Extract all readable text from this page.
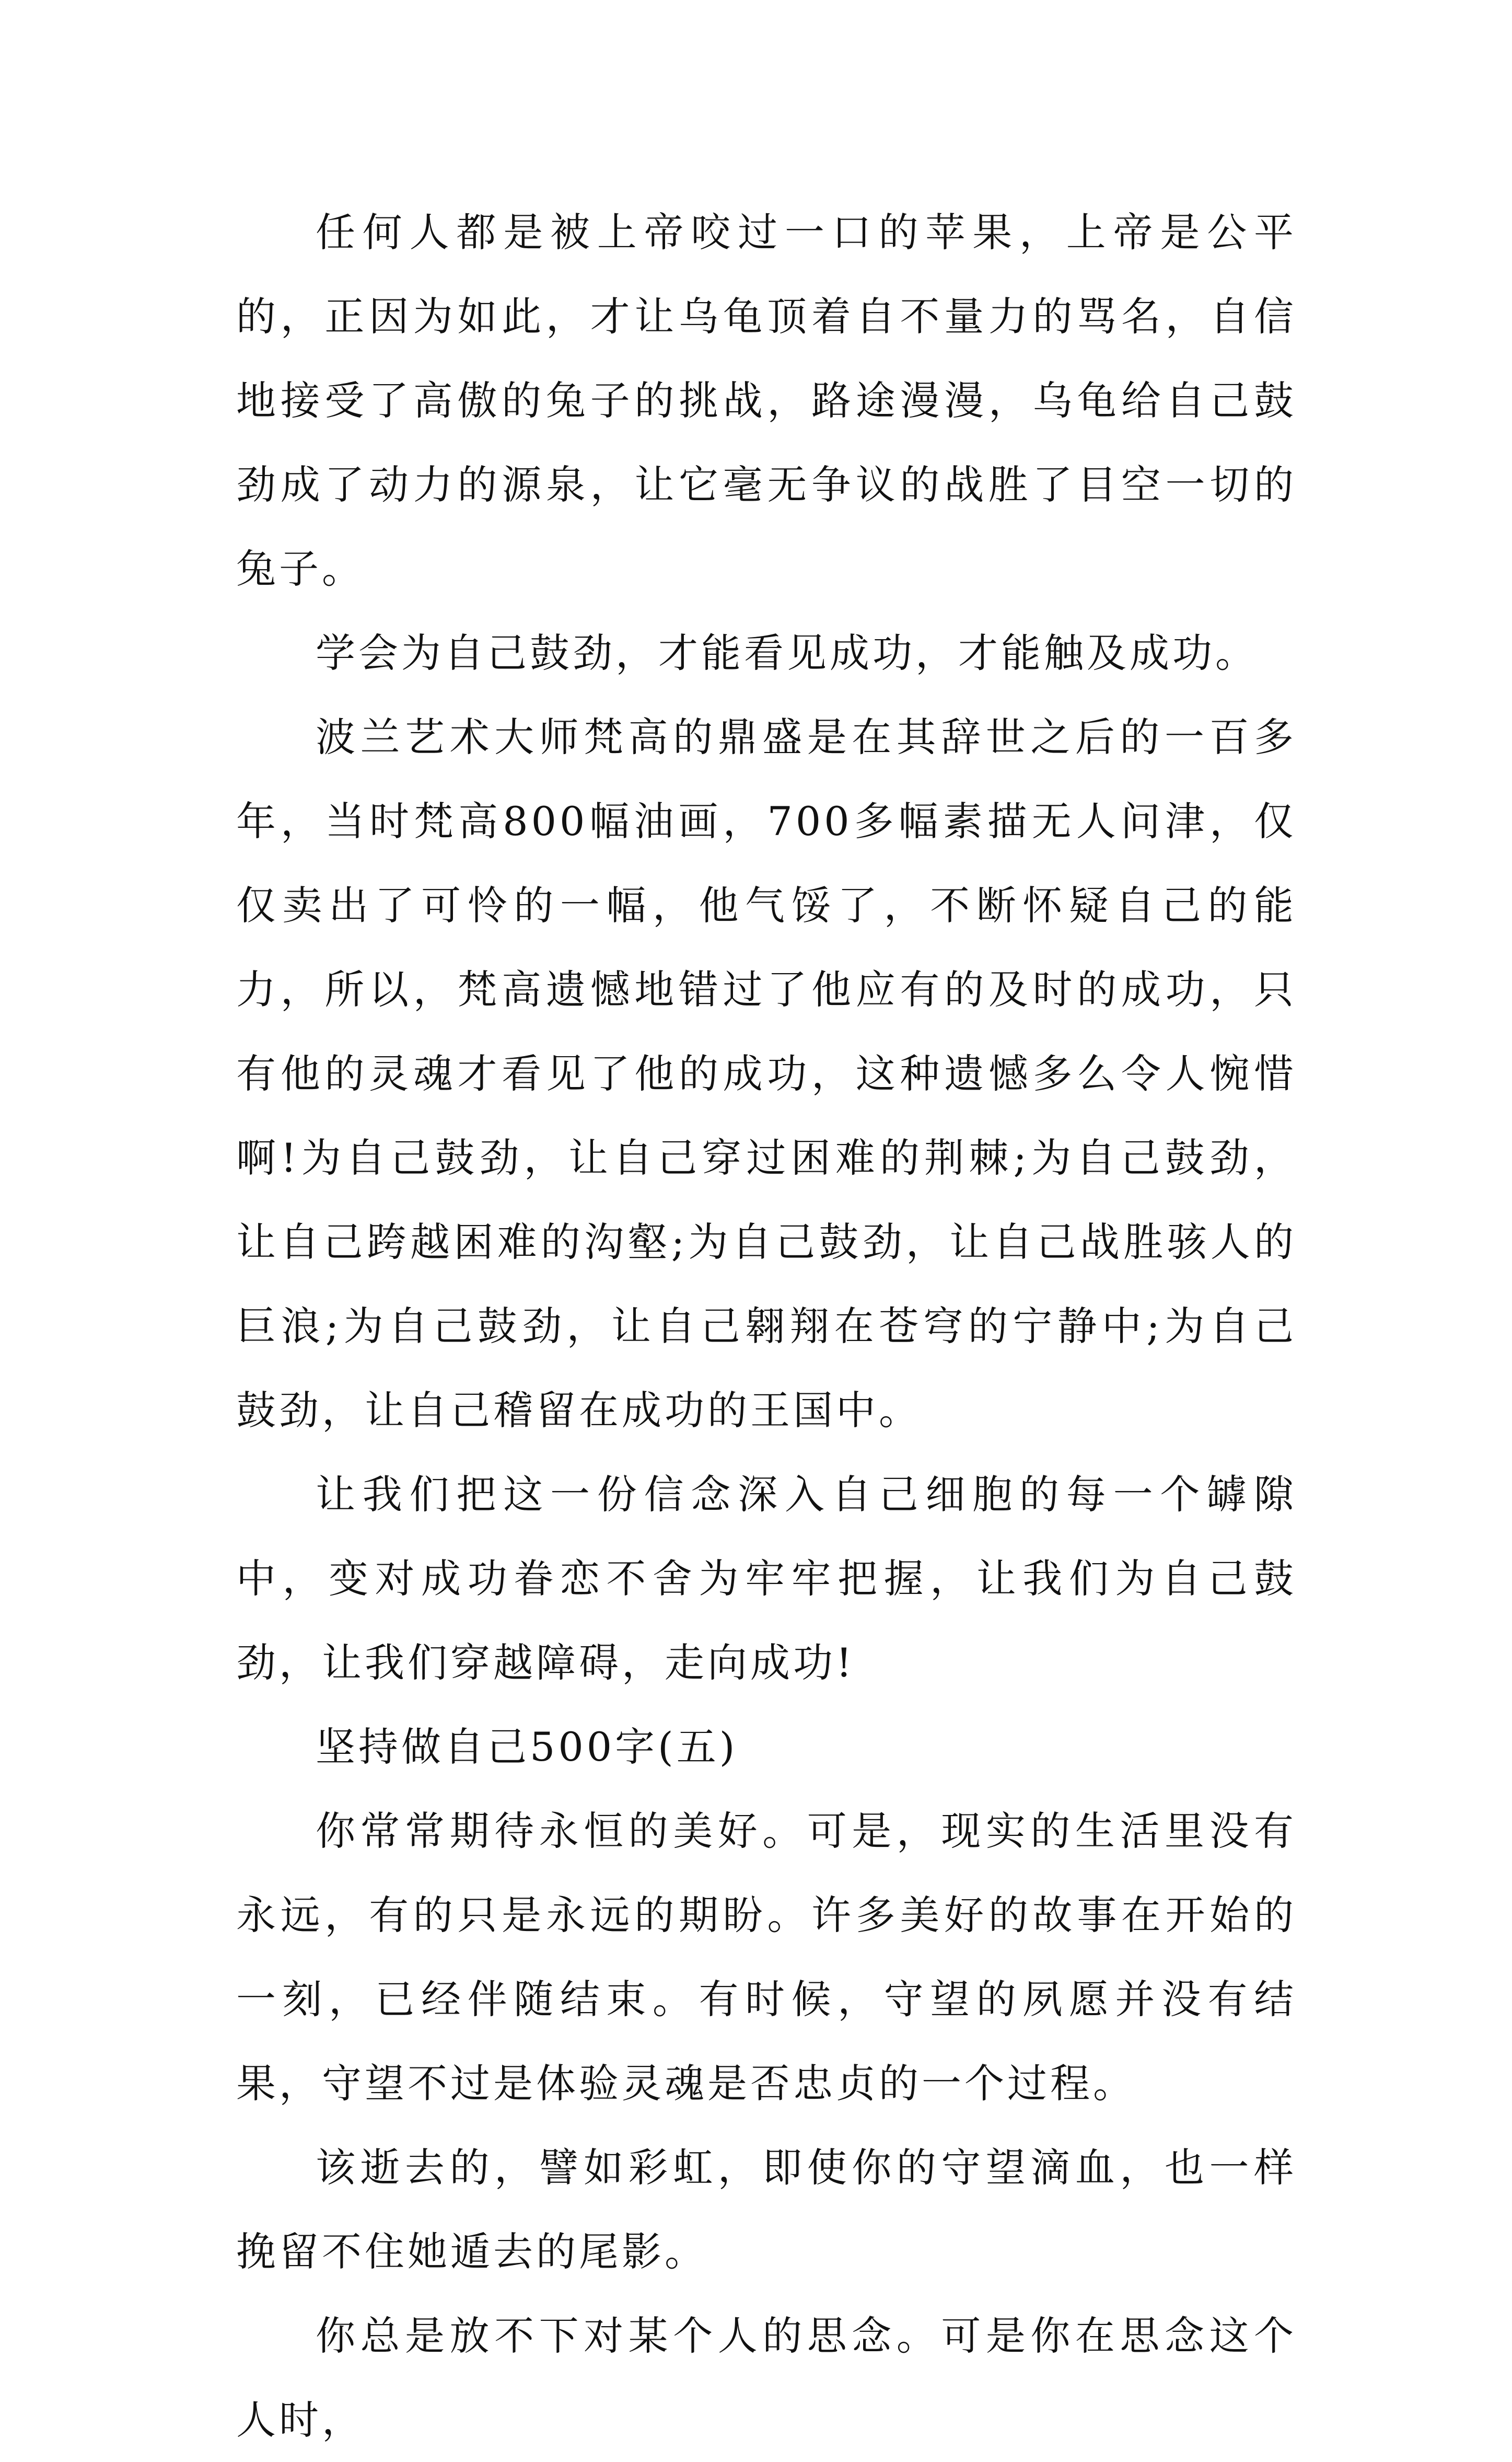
任何人都是被上帝咬过一口的苹果，上帝是公平的，正因为如此，才让乌龟顶着自不量力的骂名，自信地接受了高傲的兔子的挑战，路途漫漫，乌龟给自己鼓劲成了动力的源泉，让它毫无争议的战胜了目空一切的兔子。

学会为自己鼓劲，才能看见成功，才能触及成功。

波兰艺术大师梵高的鼎盛是在其辞世之后的一百多年，当时梵高800幅油画，700多幅素描无人问津，仅仅卖出了可怜的一幅，他气馁了，不断怀疑自己的能力，所以，梵高遗憾地错过了他应有的及时的成功，只有他的灵魂才看见了他的成功，这种遗憾多么令人惋惜啊!为自己鼓劲，让自己穿过困难的荆棘;为自己鼓劲，让自己跨越困难的沟壑;为自己鼓劲，让自己战胜骇人的巨浪;为自己鼓劲，让自己翱翔在苍穹的宁静中;为自己鼓劲，让自己稽留在成功的王国中。

让我们把这一份信念深入自己细胞的每一个罅隙中，变对成功眷恋不舍为牢牢把握，让我们为自己鼓劲，让我们穿越障碍，走向成功!

坚持做自己500字(五)

你常常期待永恒的美好。可是，现实的生活里没有永远，有的只是永远的期盼。许多美好的故事在开始的一刻，已经伴随结束。有时候，守望的夙愿并没有结果，守望不过是体验灵魂是否忠贞的一个过程。

该逝去的，譬如彩虹，即使你的守望滴血，也一样挽留不住她遁去的尾影。

你总是放不下对某个人的思念。可是你在思念这个人时，
